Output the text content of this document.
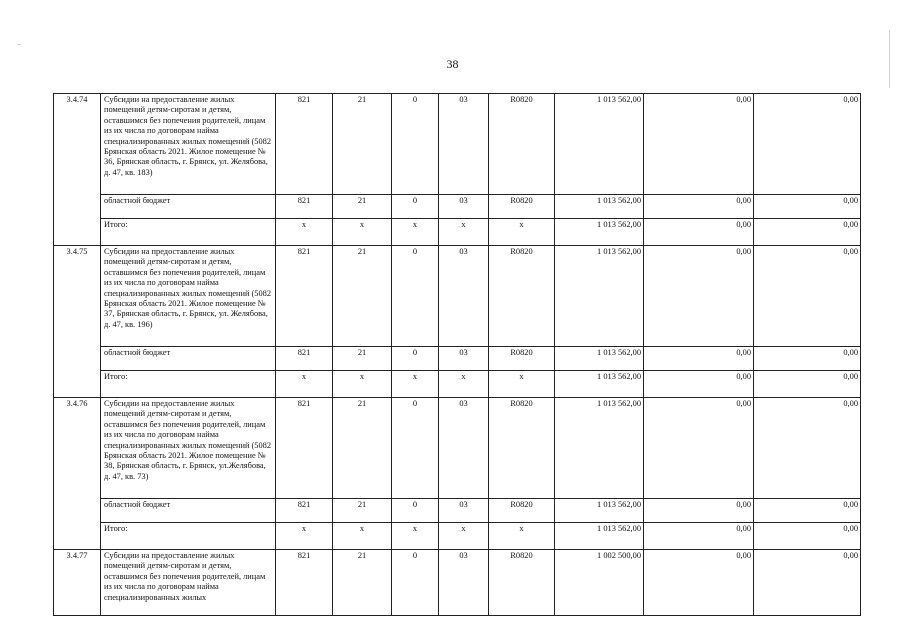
38
3.4.74	Субсидии на предоставление жилых помещений детям-сиротам и детям, оставшимся без попечения родителей, лицам из их числа по договорам найма специализированных жилых помещений (5082 Брянская область 2021. Жилое помещение № 36, Брянская область, г. Брянск, ул. Желябова, д. 47, кв. 183)	821	21	0	03	R0820	1 013 562,00	0,00	0,00
	областной бюджет	821	21	0	03	R0820	1 013 562,00	0,00	0,00
	Итого:	x	x	x	x	x	1 013 562,00	0,00	0,00
3.4.75	Субсидии на предоставление жилых помещений детям-сиротам и детям, оставшимся без попечения родителей, лицам из их числа по договорам найма специализированных жилых помещений (5082 Брянская область 2021. Жилое помещение № 37, Брянская область, г. Брянск, ул. Желябова, д. 47, кв. 196)	821	21	0	03	R0820	1 013 562,00	0,00	0,00
	областной бюджет	821	21	0	03	R0820	1 013 562,00	0,00	0,00
	Итого:	x	x	x	x	x	1 013 562,00	0,00	0,00
3.4.76	Субсидии на предоставление жилых помещений детям-сиротам и детям, оставшимся без попечения родителей, лицам из их числа по договорам найма специализированных жилых помещений (5082 Брянская область 2021. Жилое помещение № 38, Брянская область, г. Брянск, ул.Желябова, д. 47, кв. 73)	821	21	0	03	R0820	1 013 562,00	0,00	0,00
	областной бюджет	821	21	0	03	R0820	1 013 562,00	0,00	0,00
	Итого:	x	x	x	x	x	1 013 562,00	0,00	0,00
3.4.77	Субсидии на предоставление жилых помещений детям-сиротам и детям, оставшимся без попечения родителей, лицам из их числа по договорам найма специализированных жилых	821	21	0	03	R0820	1 002 500,00	0,00	0,00
